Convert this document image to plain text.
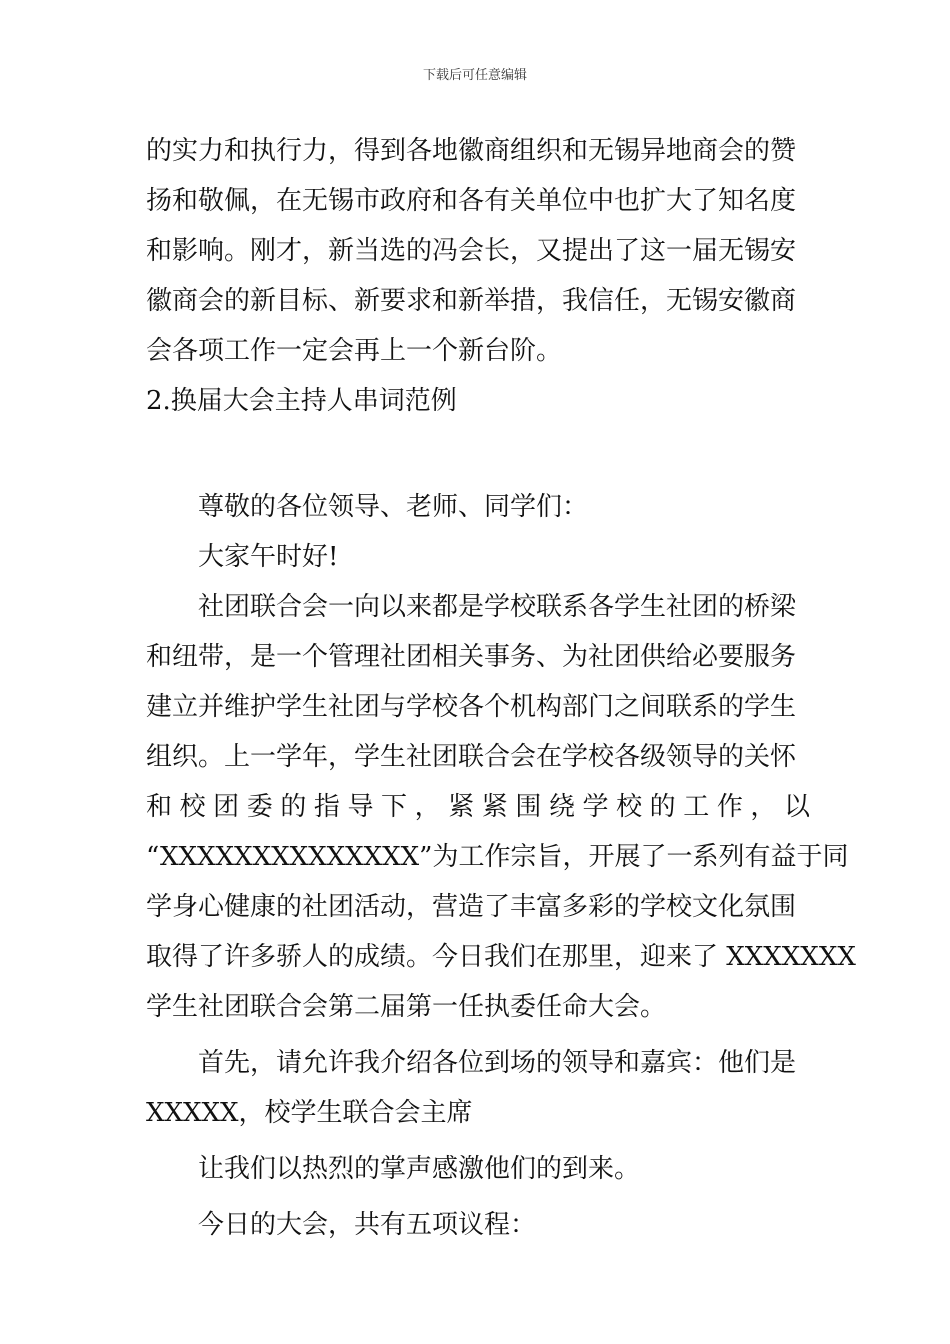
下载后可任意编辑
的实力和执行力，得到各地徽商组织和无锡异地商会的赞
扬和敬佩，在无锡市政府和各有关单位中也扩大了知名度
和影响。刚才，新当选的冯会长，又提出了这一届无锡安
徽商会的新目标、新要求和新举措，我信任，无锡安徽商
会各项工作一定会再上一个新台阶。
2.换届大会主持人串词范例
尊敬的各位领导、老师、同学们：
大家午时好!
社团联合会一向以来都是学校联系各学生社团的桥梁
和纽带，是一个管理社团相关事务、为社团供给必要服务
建立并维护学生社团与学校各个机构部门之间联系的学生
组织。上一学年，学生社团联合会在学校各级领导的关怀
和校团委的指导下，紧紧围绕学校的工作，以
“XXXXXXXXXXXXXX”为工作宗旨，开展了一系列有益于同
学身心健康的社团活动，营造了丰富多彩的学校文化氛围
取得了许多骄人的成绩。今日我们在那里，迎来了 XXXXXXX
学生社团联合会第二届第一任执委任命大会。
首先，请允许我介绍各位到场的领导和嘉宾：他们是
XXXXX，校学生联合会主席
让我们以热烈的掌声感激他们的到来。
今日的大会，共有五项议程：
